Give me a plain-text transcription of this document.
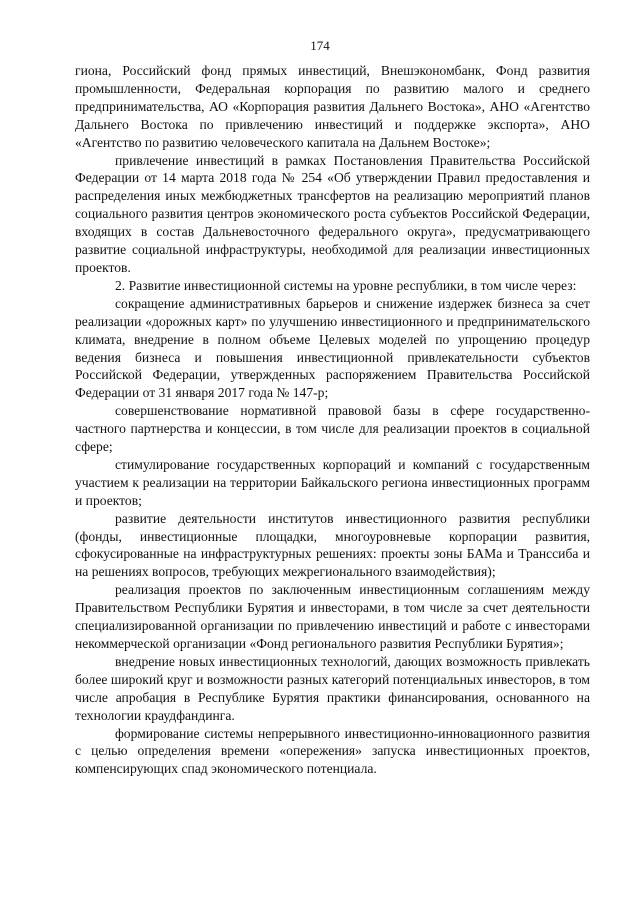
174

гиона, Российский фонд прямых инвестиций, Внешэкономбанк, Фонд развития промышленности, Федеральная корпорация по развитию малого и среднего предпринимательства, АО «Корпорация развития Дальнего Востока», АНО «Агентство Дальнего Востока по привлечению инвестиций и поддержке экспорта», АНО «Агентство по развитию человеческого капитала на Дальнем Востоке»;

привлечение инвестиций в рамках Постановления Правительства Российской Федерации от 14 марта 2018 года № 254 «Об утверждении Правил предоставления и распределения иных межбюджетных трансфертов на реализацию мероприятий планов социального развития центров экономического роста субъектов Российской Федерации, входящих в состав Дальневосточного федерального округа», предусматривающего развитие социальной инфраструктуры, необходимой для реализации инвестиционных проектов.

2. Развитие инвестиционной системы на уровне республики, в том числе через:

сокращение административных барьеров и снижение издержек бизнеса за счет реализации «дорожных карт» по улучшению инвестиционного и предпринимательского климата, внедрение в полном объеме Целевых моделей по упрощению процедур ведения бизнеса и повышения инвестиционной привлекательности субъектов Российской Федерации, утвержденных распоряжением Правительства Российской Федерации от 31 января 2017 года № 147-р;

совершенствование нормативной правовой базы в сфере государственно-частного партнерства и концессии, в том числе для реализации проектов в социальной сфере;

стимулирование государственных корпораций и компаний с государственным участием к реализации на территории Байкальского региона инвестиционных программ и проектов;

развитие деятельности институтов инвестиционного развития республики (фонды, инвестиционные площадки, многоуровневые корпорации развития, сфокусированные на инфраструктурных решениях: проекты зоны БАМа и Транссиба и на решениях вопросов, требующих межрегионального взаимодействия);

реализация проектов по заключенным инвестиционным соглашениям между Правительством Республики Бурятия и инвесторами, в том числе за счет деятельности специализированной организации по привлечению инвестиций и работе с инвесторами некоммерческой организации «Фонд регионального развития Республики Бурятия»;

внедрение новых инвестиционных технологий, дающих возможность привлекать более широкий круг и возможности разных категорий потенциальных инвесторов, в том числе апробация в Республике Бурятия практики финансирования, основанного на технологии краудфандинга.

формирование системы непрерывного инвестиционно-инновационного развития с целью определения времени «опережения» запуска инвестиционных проектов, компенсирующих спад экономического потенциала.
